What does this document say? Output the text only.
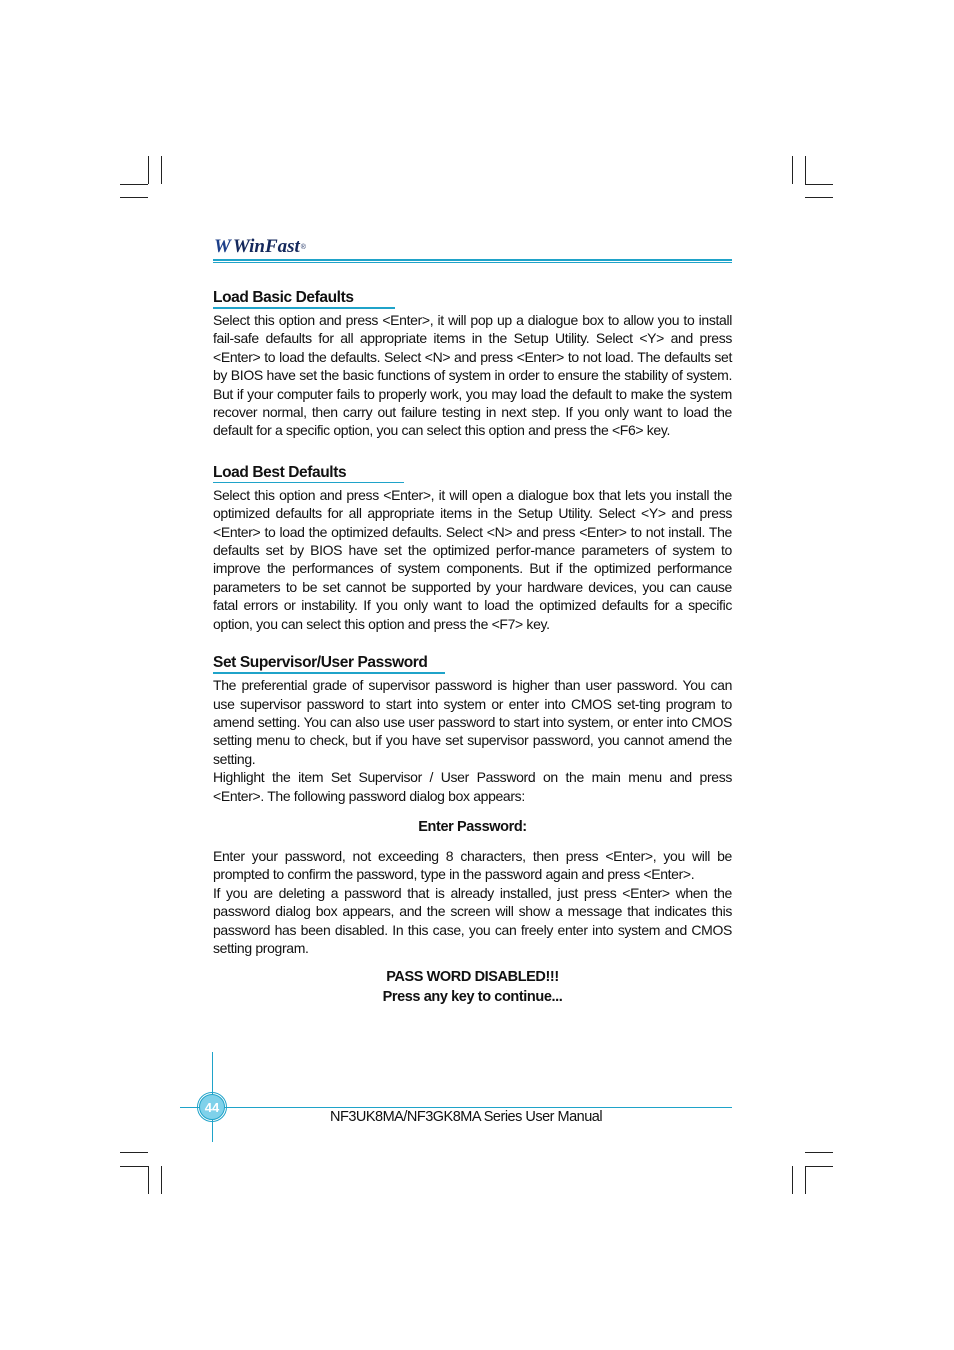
W WinFast ®
Load Basic Defaults

Select this option and press <Enter>, it will pop up a dialogue box to allow you to install fail-safe defaults for all appropriate items in the Setup Utility. Select <Y> and press <Enter> to load the defaults. Select <N> and press <Enter> to not load. The defaults set by BIOS have set the basic functions of system in order to ensure the stability of system. But if your computer fails to properly work, you may load the default to make the system recover normal, then carry out failure testing in next step. If you only want to load the default for a specific option, you can select this option and press the <F6> key.

Load Best Defaults

Select this option and press <Enter>, it will open a dialogue box that lets you install the optimized defaults for all appropriate items in the Setup Utility. Select <Y> and press <Enter> to load the optimized defaults. Select <N> and press <Enter> to not install. The defaults set by BIOS have set the optimized perfor-mance parameters of system to improve the performances of system components. But if the optimized performance parameters to be set cannot be supported by your hardware devices, you can cause fatal errors or instability. If you only want to load the optimized defaults for a specific option, you can select this option and press the <F7> key.

Set Supervisor/User Password

The preferential grade of supervisor password is higher than user password. You can use supervisor password to start into system or enter into CMOS set-ting program to amend setting. You can also use user password to start into system, or enter into CMOS setting menu to check, but if you have set supervisor password, you cannot amend the setting.

Highlight the item Set Supervisor / User Password on the main menu and press <Enter>. The following password dialog box appears:

Enter Password:

Enter your password, not exceeding 8 characters, then press <Enter>, you will be prompted to confirm the password, type in the password again and press <Enter>.

If you are deleting a password that is already installed, just press <Enter> when the password dialog box appears, and the screen will show a message that indicates this password has been disabled. In this case, you can freely enter into system and CMOS setting program.

PASS WORD DISABLED!!!
Press any key to continue...
44
NF3UK8MA/NF3GK8MA Series User Manual
